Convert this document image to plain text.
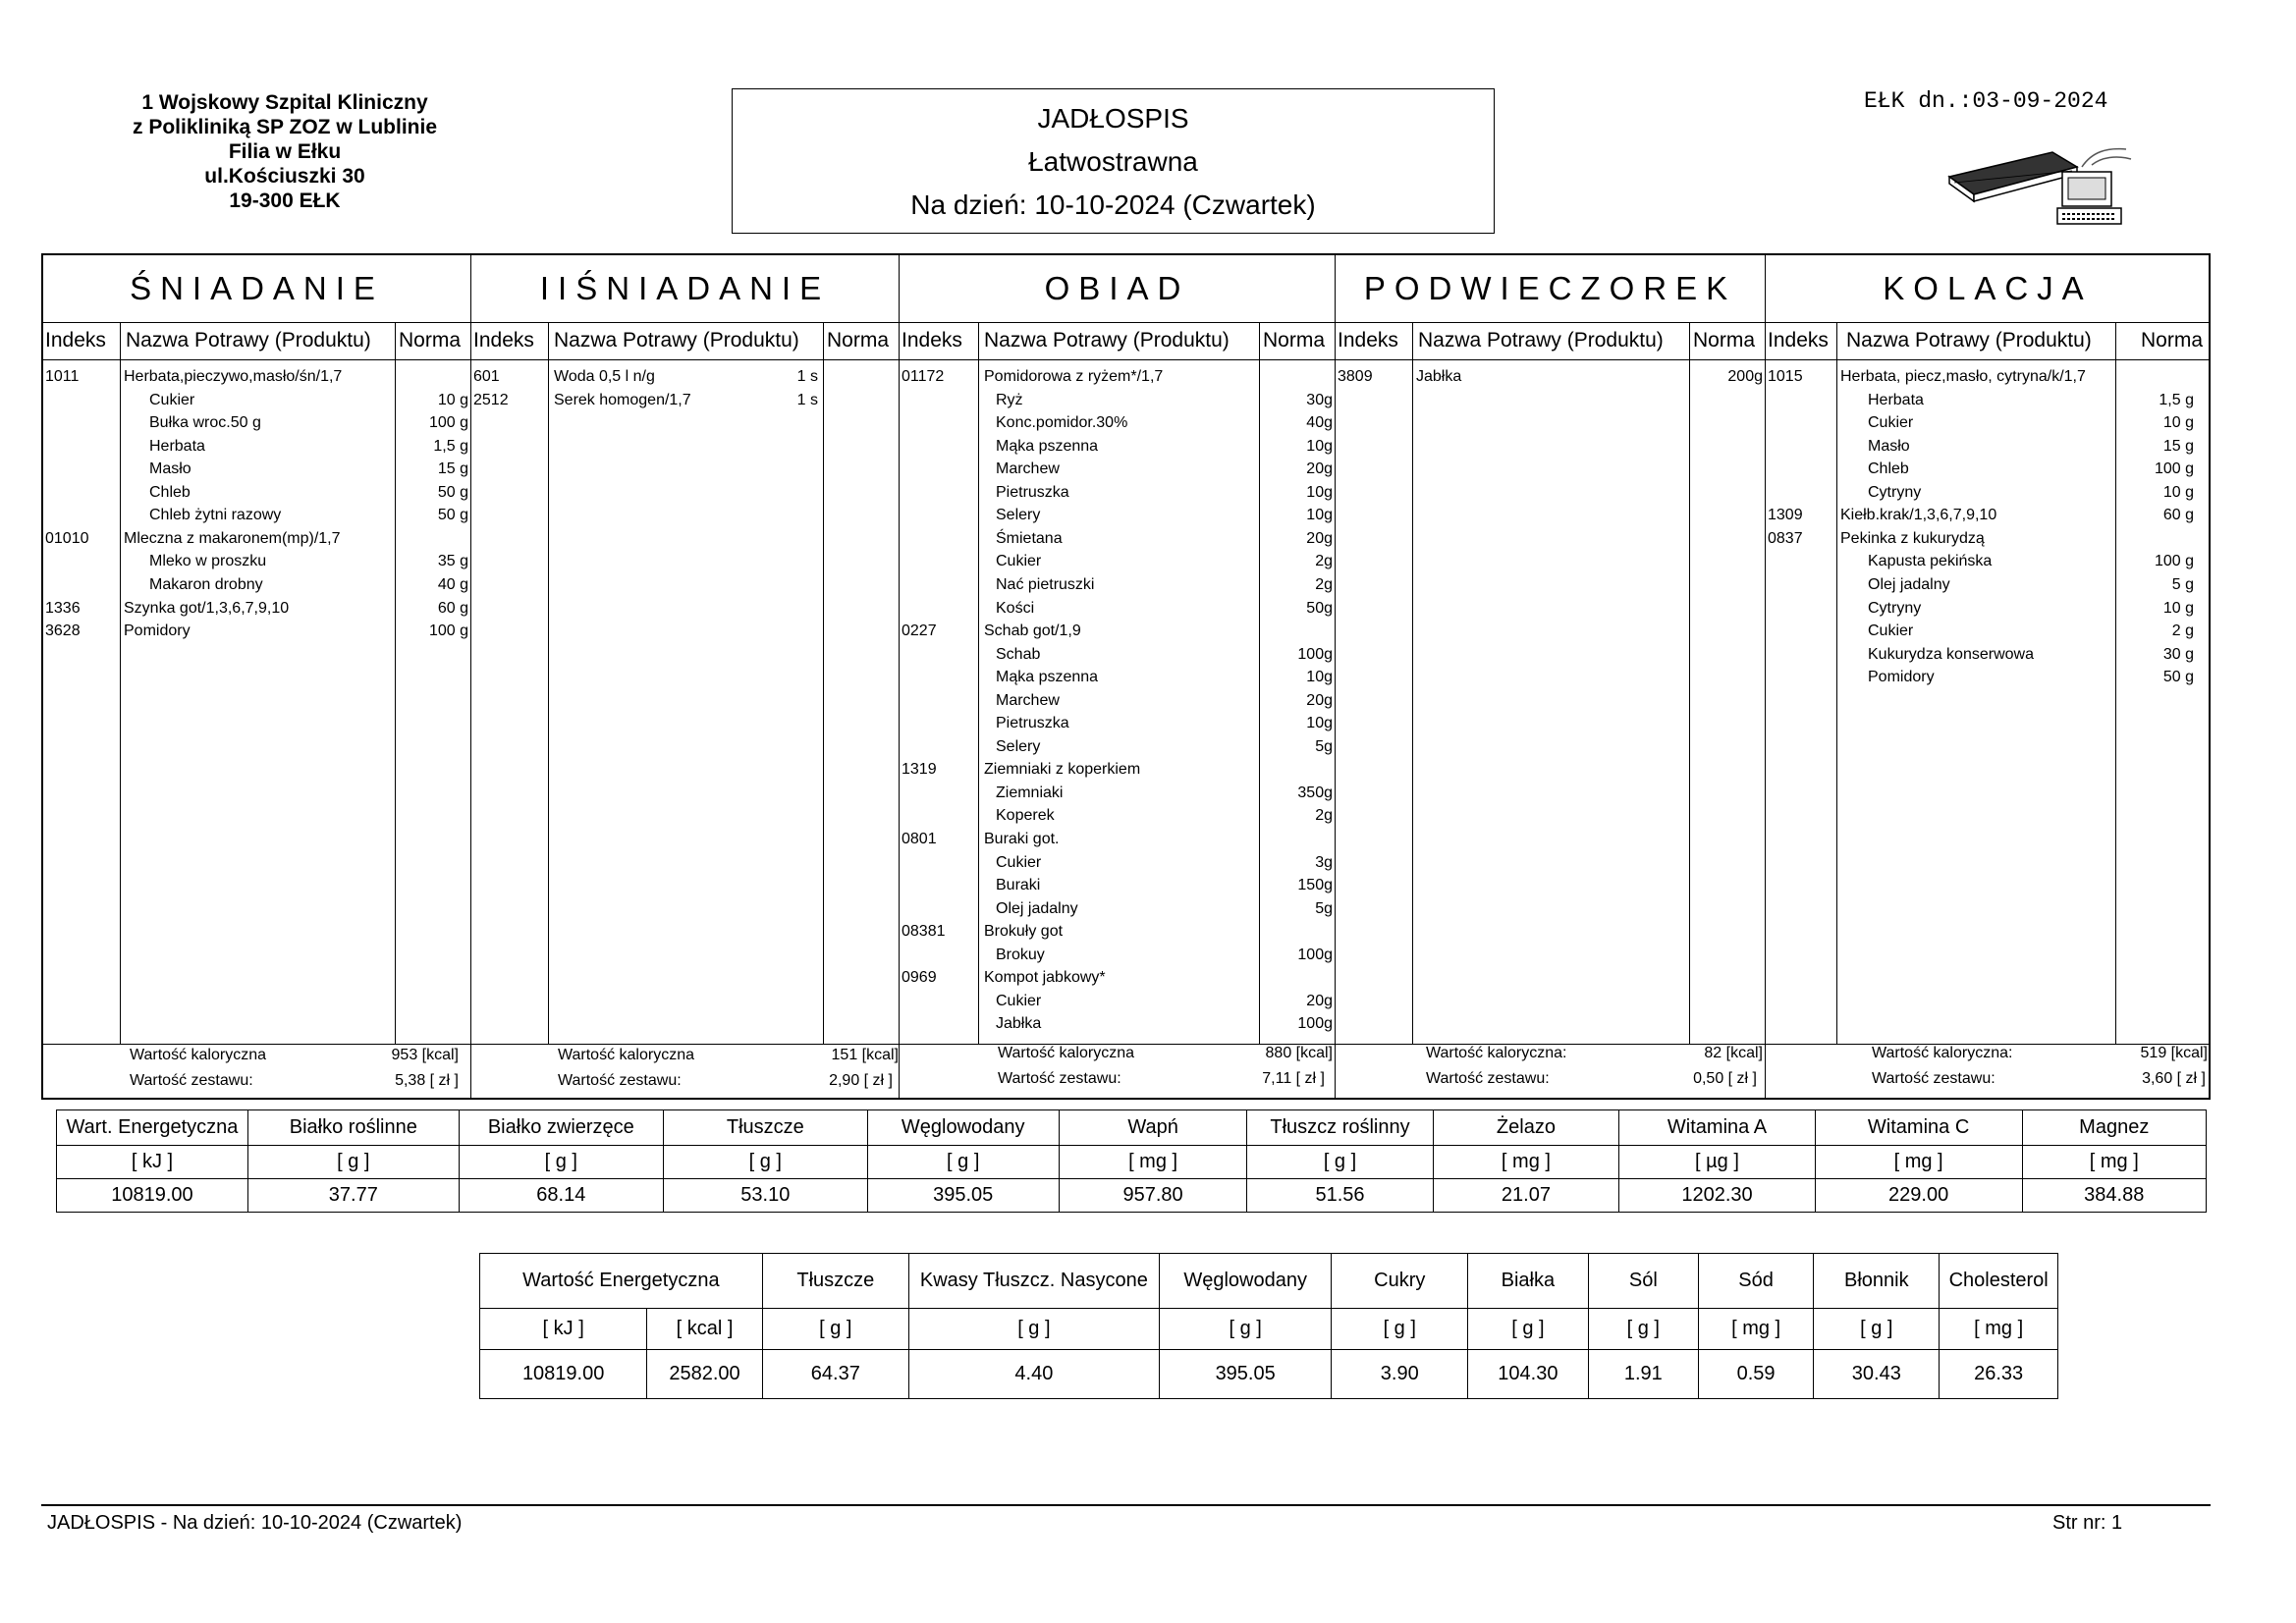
1 Wojskowy Szpital Kliniczny
z Polikliniką SP ZOZ w Lublinie
Filia w Ełku
ul.Kościuszki 30
19-300 EŁK
JADŁOSPIS
Łatwostrawna
Na dzień: 10-10-2024 (Czwartek)
EŁK dn.:03-09-2024
ŚNIADANIE
Indeks Nazwa Potrawy (Produktu) Norma
1011	Herbata,pieczywo,masło/śn/1,7
Cukier	10 g
Bułka wroc.50 g	100 g
Herbata	1,5 g
Masło	15 g
Chleb	50 g
Chleb żytni razowy	50 g
01010 Mleczna z makaronem(mp)/1,7
Mleko w proszku	35 g
Makaron drobny	40 g
1336	Szynka got/1,3,6,7,9,10	60 g
3628	Pomidory	100 g
Wartość kaloryczna	953 [kcal]
Wartość zestawu:	5,38 [ zł ]
IIŚNIADANIE
Indeks Nazwa Potrawy (Produktu) Norma
601	Woda 0,5 l n/g	1 s
2512	Serek homogen/1,7	1 s
Wartość kaloryczna	151 [kcal]
Wartość zestawu:	2,90 [ zł ]
OBIAD
Indeks Nazwa Potrawy (Produktu) Norma
01172	Pomidorowa z ryżem*/1,7
Ryż	30g
Konc.pomidor.30%	40g
Mąka pszenna	10g
Marchew	20g
Pietruszka	10g
Selery	10g
Śmietana	20g
Cukier	2g
Nać pietruszki	2g
Kości	50g
0227	Schab got/1,9
Schab	100g
Mąka pszenna	10g
Marchew	20g
Pietruszka	10g
Selery	5g
1319	Ziemniaki z koperkiem
Ziemniaki	350g
Koperek	2g
0801	Buraki got.
Cukier	3g
Buraki	150g
Olej jadalny	5g
08381 Brokuły got
Brokuy	100g
0969	Kompot jabkowy*
Cukier	20g
Jabłka	100g
Wartość kaloryczna	880 [kcal]
Wartość zestawu:	7,11 [ zł ]
PODWIECZOREK
Indeks Nazwa Potrawy (Produktu) Norma
3809	Jabłka	200g
Wartość kaloryczna:	82 [kcal]
Wartość zestawu:	0,50 [ zł ]
KOLACJA
Indeks Nazwa Potrawy (Produktu) Norma
1015 Herbata, piecz,masło, cytryna/k/1,7
Herbata	1,5 g
Cukier	10 g
Masło	15 g
Chleb	100 g
Cytryny	10 g
1309 Kiełb.krak/1,3,6,7,9,10	60 g
0837 Pekinka z kukurydzą
Kapusta pekińska	100 g
Olej jadalny	5 g
Cytryny	10 g
Cukier	2 g
Kukurydza konserwowa	30 g
Pomidory	50 g
Wartość kaloryczna:	519 [kcal]
Wartość zestawu:	3,60 [ zł ]
Wart. Energetyczna	Białko roślinne	Białko zwierzęce	Tłuszcze	Węglowodany	Wapń	Tłuszcz roślinny	Żelazo	Witamina A	Witamina C	Magnez
[ kJ ]	[ g ]	[ g ]	[ g ]	[ g ]	[ mg ]	[ g ]	[ mg ]	[ µg ]	[ mg ]	[ mg ]
10819.00	37.77	68.14	53.10	395.05	957.80	51.56	21.07	1202.30	229.00	384.88
Wartość Energetyczna		Tłuszcze	Kwasy Tłuszcz. Nasycone	Węglowodany	Cukry	Białka	Sól	Sód	Błonnik	Cholesterol
[ kJ ]	[ kcal ]	[ g ]	[ g ]	[ g ]	[ g ]	[ g ]	[ g ]	[ mg ]	[ g ]	[ mg ]
10819.00	2582.00	64.37	4.40	395.05	3.90	104.30	1.91	0.59	30.43	26.33
JADŁOSPIS - Na dzień: 10-10-2024 (Czwartek)	Str nr: 1
